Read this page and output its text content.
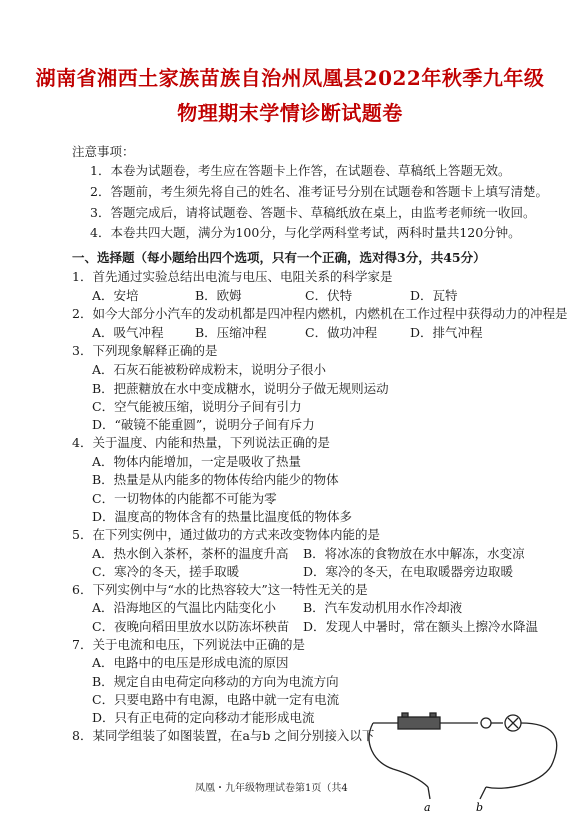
湖南省湘西土家族苗族自治州凤凰县2022年秋季九年级
物理期末学情诊断试题卷
注意事项：
1．本卷为试题卷，考生应在答题卡上作答，在试题卷、草稿纸上答题无效。
2．答题前，考生须先将自己的姓名、准考证号分别在试题卷和答题卡上填写清楚。
3．答题完成后，请将试题卷、答题卡、草稿纸放在桌上，由监考老师统一收回。
4．本卷共四大题，满分为100分，与化学两科堂考试，两科时量共120分钟。
一、选择题（每小题给出四个选项，只有一个正确，选对得3分，共45分）
1．首先通过实验总结出电流与电压、电阻关系的科学家是
A．安培	B．欧姆	C．伏特	D．瓦特
2．如今大部分小汽车的发动机都是四冲程内燃机，内燃机在工作过程中获得动力的冲程是
A．吸气冲程	B．压缩冲程	C．做功冲程	D．排气冲程
3．下列现象解释正确的是
A．石灰石能被粉碎成粉末，说明分子很小
B．把蔗糖放在水中变成糖水，说明分子做无规则运动
C．空气能被压缩，说明分子间有引力
D．“破镜不能重圆”，说明分子间有斥力
4．关于温度、内能和热量，下列说法正确的是
A．物体内能增加，一定是吸收了热量
B．热量是从内能多的物体传给内能少的物体
C．一切物体的内能都不可能为零
D．温度高的物体含有的热量比温度低的物体多
5．在下列实例中，通过做功的方式来改变物体内能的是
A．热水倒入茶杯，茶杯的温度升高 B．将冰冻的食物放在水中解冻，水变凉
C．寒冷的冬天，搓手取暖	D．寒冷的冬天，在电取暖器旁边取暖
6．下列实例中与“水的比热容较大”这一特性无关的是
A．沿海地区的气温比内陆变化小 B．汽车发动机用水作冷却液
C．夜晚向稻田里放水以防冻坏秧苗 D．发现人中暑时，常在额头上擦冷水降温
7．关于电流和电压，下列说法中正确的是
A．电路中的电压是形成电流的原因
B．规定自由电荷定向移动的方向为电流方向
C．只要电路中有电源，电路中就一定有电流
D．只有正电荷的定向移动才能形成电流
8．某同学组装了如图装置，在a与b 之间分别接入以下
a	b
凤凰・九年级物理试卷第1页（共4
